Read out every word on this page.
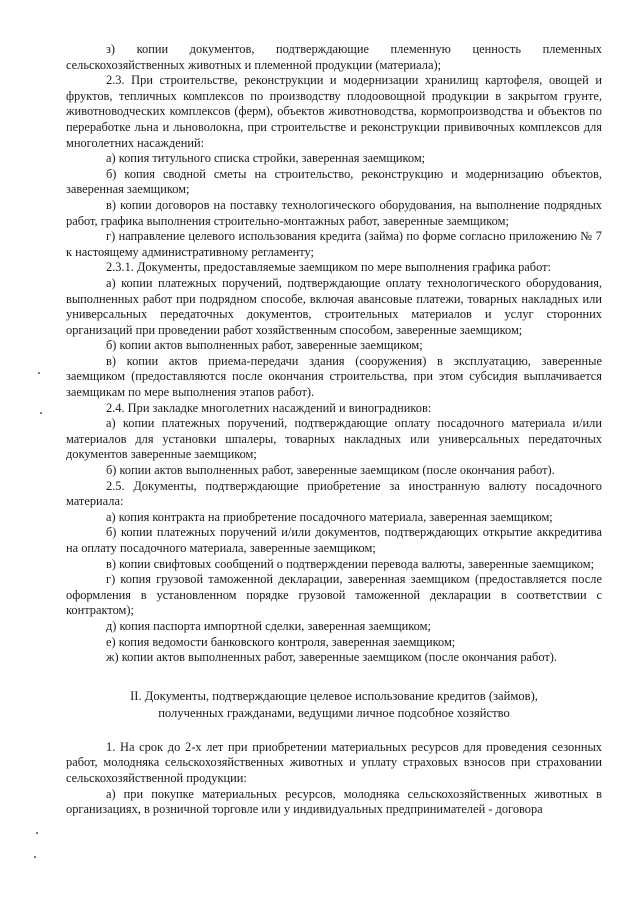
з) копии документов, подтверждающие племенную ценность племенных сельскохозяйственных животных и племенной продукции (материала);

2.3. При строительстве, реконструкции и модернизации хранилищ картофеля, овощей и фруктов, тепличных комплексов по производству плодоовощной продукции в закрытом грунте, животноводческих комплексов (ферм), объектов животноводства, кормопроизводства и объектов по переработке льна и льноволокна, при строительстве и реконструкции прививочных комплексов для многолетних насаждений:

а) копия титульного списка стройки, заверенная заемщиком;

б) копия сводной сметы на строительство, реконструкцию и модернизацию объектов, заверенная заемщиком;

в) копии договоров на поставку технологического оборудования, на выполнение подрядных работ, графика выполнения строительно-монтажных работ, заверенные заемщиком;

г) направление целевого использования кредита (займа) по форме согласно приложению № 7 к настоящему административному регламенту;

2.3.1. Документы, предоставляемые заемщиком по мере выполнения графика работ:

а) копии платежных поручений, подтверждающие оплату технологического оборудования, выполненных работ при подрядном способе, включая авансовые платежи, товарных накладных или универсальных передаточных документов, строительных материалов и услуг сторонних организаций при проведении работ хозяйственным способом, заверенные заемщиком;

б) копии актов выполненных работ, заверенные заемщиком;

в) копии актов приема-передачи здания (сооружения) в эксплуатацию, заверенные заемщиком (предоставляются после окончания строительства, при этом субсидия выплачивается заемщикам по мере выполнения этапов работ).

2.4. При закладке многолетних насаждений и виноградников:

а) копии платежных поручений, подтверждающие оплату посадочного материала и/или материалов для установки шпалеры, товарных накладных или универсальных передаточных документов заверенные заемщиком;

б) копии актов выполненных работ, заверенные заемщиком (после окончания работ).

2.5. Документы, подтверждающие приобретение за иностранную валюту посадочного материала:

а) копия контракта на приобретение посадочного материала, заверенная заемщиком;

б) копии платежных поручений и/или документов, подтверждающих открытие аккредитива на оплату посадочного материала, заверенные заемщиком;

в) копии свифтовых сообщений о подтверждении перевода валюты, заверенные заемщиком;

г) копия грузовой таможенной декларации, заверенная заемщиком (предоставляется после оформления в установленном порядке грузовой таможенной декларации в соответствии с контрактом);

д) копия паспорта импортной сделки, заверенная заемщиком;

е) копия ведомости банковского контроля, заверенная заемщиком;

ж) копии актов выполненных работ, заверенные заемщиком (после окончания работ).

II. Документы, подтверждающие целевое использование кредитов (займов),
полученных гражданами, ведущими личное подсобное хозяйство

1. На срок до 2-х лет при приобретении материальных ресурсов для проведения сезонных работ, молодняка сельскохозяйственных животных и уплату страховых взносов при страховании сельскохозяйственной продукции:

а) при покупке материальных ресурсов, молодняка сельскохозяйственных животных в организациях, в розничной торговле или у индивидуальных предпринимателей - договора
